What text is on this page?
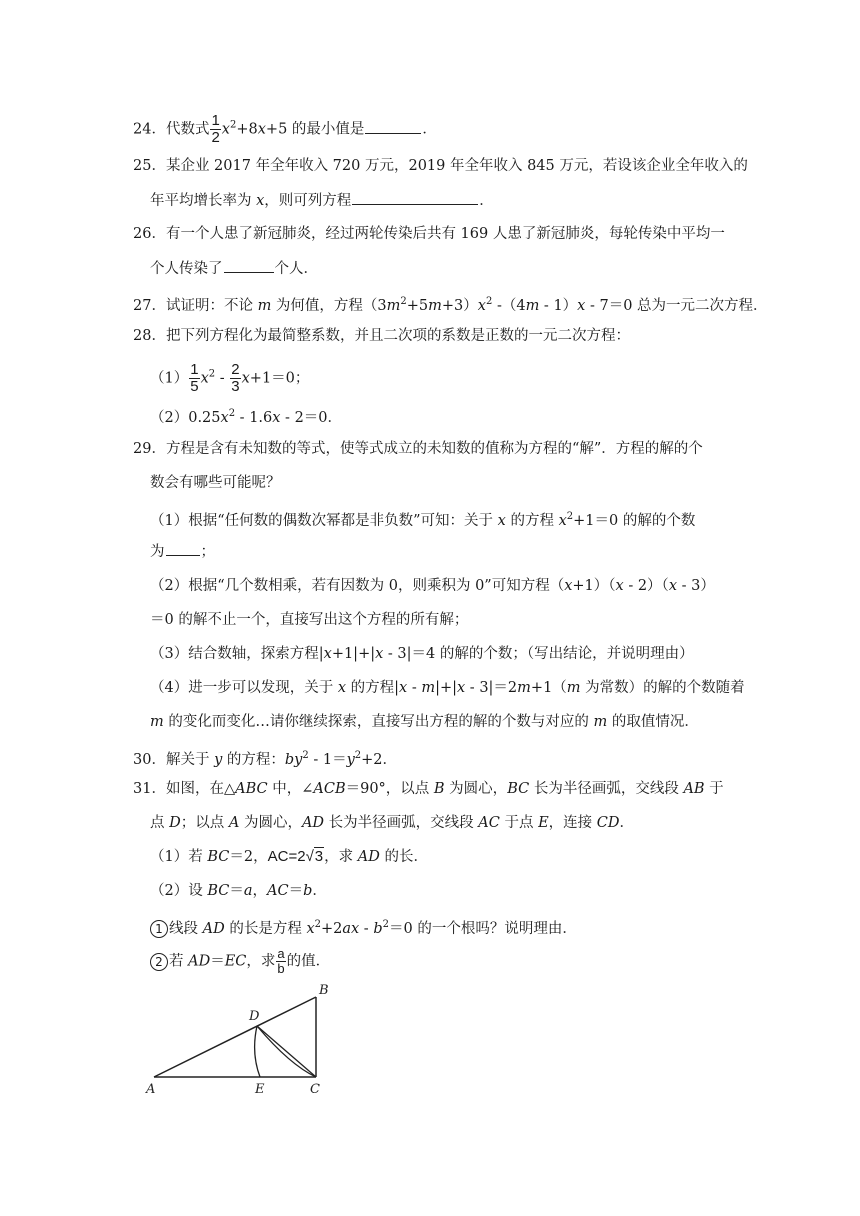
24．代数式 $\frac{1}{2} x^2+8x+5$ 的最小值是	．
25．某企业 2017 年全年收入 720 万元，2019 年全年收入 845 万元，若设该企业全年收入的
年平均增长率为 x，则可列方程	．
26．有一个人患了新冠肺炎，经过两轮传染后共有 169 人患了新冠肺炎，每轮传染中平均一
个人传染了	个人．
27．试证明：不论 m 为何值，方程$(3m^2+5m+3)x^2$ -（4m - 1）x - 7＝0 总为一元二次方程．
28．把下列方程化为最简整系数，并且二次项的系数是正数的一元二次方程：
$(1) \frac{1}{5} x^2 - \frac{2}{3} x+1=0$；
$(2)0.25x^2 - 1.6x - 2=0$．
29．方程是含有未知数的等式，使等式成立的未知数的值称为方程的“解”．方程的解的个
数会有哪些可能呢？
（1）根据“任何数的偶数次幂都是非负数”可知：关于 x 的方程 $x^2+1=0$ 的解的个数
为 ；
（2）根据“几个数相乘，若有因数为 0，则乘积为 0”可知方程（x+1）（x - 2）（x - 3）
＝0 的解不止一个，直接写出这个方程的所有解；
（3）结合数轴，探索方程|x+1|+|x - 3|＝4 的解的个数；（写出结论，并说明理由）
（4）进一步可以发现，关于 x 的方程|x - m|+|x - 3|＝2m+1（m 为常数）的解的个数随着
m 的变化而变化…请你继续探索，直接写出方程的解的个数与对应的 m 的取值情况．
30．解关于 y 的方程：$by^2 - 1=y^2+2$．
31．如图，在△ABC 中，∠ACB＝90°，以点 B 为圆心，BC 长为半径画弧，交线段 AB 于
点 D；以点 A 为圆心，AD 长为半径画弧，交线段 AC 于点 E，连接 CD．
（1）若 BC＝2，AC=2√3，求 AD 的长．
（2）设 BC＝a，AC＝b．
1 线段 AD 的长是方程 $x^2+2ax - b^2=0$ 的一个根吗？说明理由．
2 若 AD＝EC，求 $\frac{a}{b}$ 的值．
A
B
C
D
E
